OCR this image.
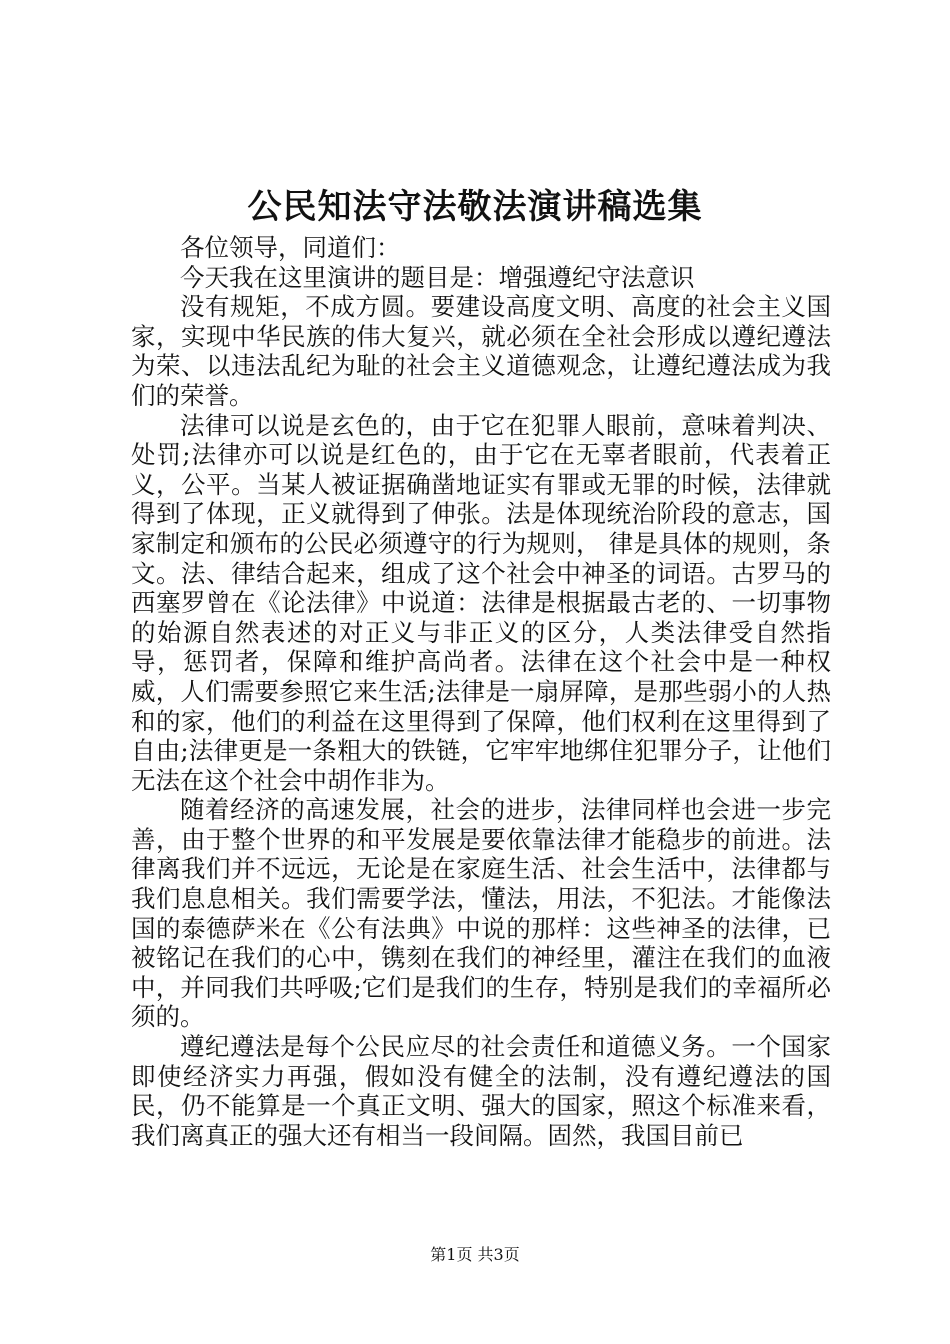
公民知法守法敬法演讲稿选集

各位领导，同道们：

今天我在这里演讲的题目是：增强遵纪守法意识

没有规矩，不成方圆。要建设高度文明、高度的社会主义国家，实现中华民族的伟大复兴，就必须在全社会形成以遵纪遵法为荣、以违法乱纪为耻的社会主义道德观念，让遵纪遵法成为我们的荣誉。

法律可以说是玄色的，由于它在犯罪人眼前，意味着判决、处罚;法律亦可以说是红色的，由于它在无辜者眼前，代表着正义，公平。当某人被证据确凿地证实有罪或无罪的时候，法律就得到了体现，正义就得到了伸张。法是体现统治阶段的意志，国家制定和颁布的公民必须遵守的行为规则， 律是具体的规则，条文。法、律结合起来，组成了这个社会中神圣的词语。古罗马的西塞罗曾在《论法律》中说道：法律是根据最古老的、一切事物的始源自然表述的对正义与非正义的区分，人类法律受自然指导，惩罚者，保障和维护高尚者。法律在这个社会中是一种权威，人们需要参照它来生活;法律是一扇屏障，是那些弱小的人热和的家，他们的利益在这里得到了保障，他们权利在这里得到了自由;法律更是一条粗大的铁链，它牢牢地绑住犯罪分子，让他们无法在这个社会中胡作非为。

随着经济的高速发展，社会的进步，法律同样也会进一步完善，由于整个世界的和平发展是要依靠法律才能稳步的前进。法律离我们并不远远，无论是在家庭生活、社会生活中，法律都与我们息息相关。我们需要学法，懂法，用法，不犯法。才能像法国的泰德萨米在《公有法典》中说的那样：这些神圣的法律，已被铭记在我们的心中，镌刻在我们的神经里，灌注在我们的血液中，并同我们共呼吸;它们是我们的生存，特别是我们的幸福所必须的。

遵纪遵法是每个公民应尽的社会责任和道德义务。一个国家即使经济实力再强，假如没有健全的法制，没有遵纪遵法的国民，仍不能算是一个真正文明、强大的国家，照这个标准来看，我们离真正的强大还有相当一段间隔。固然，我国目前已

第1页 共3页
